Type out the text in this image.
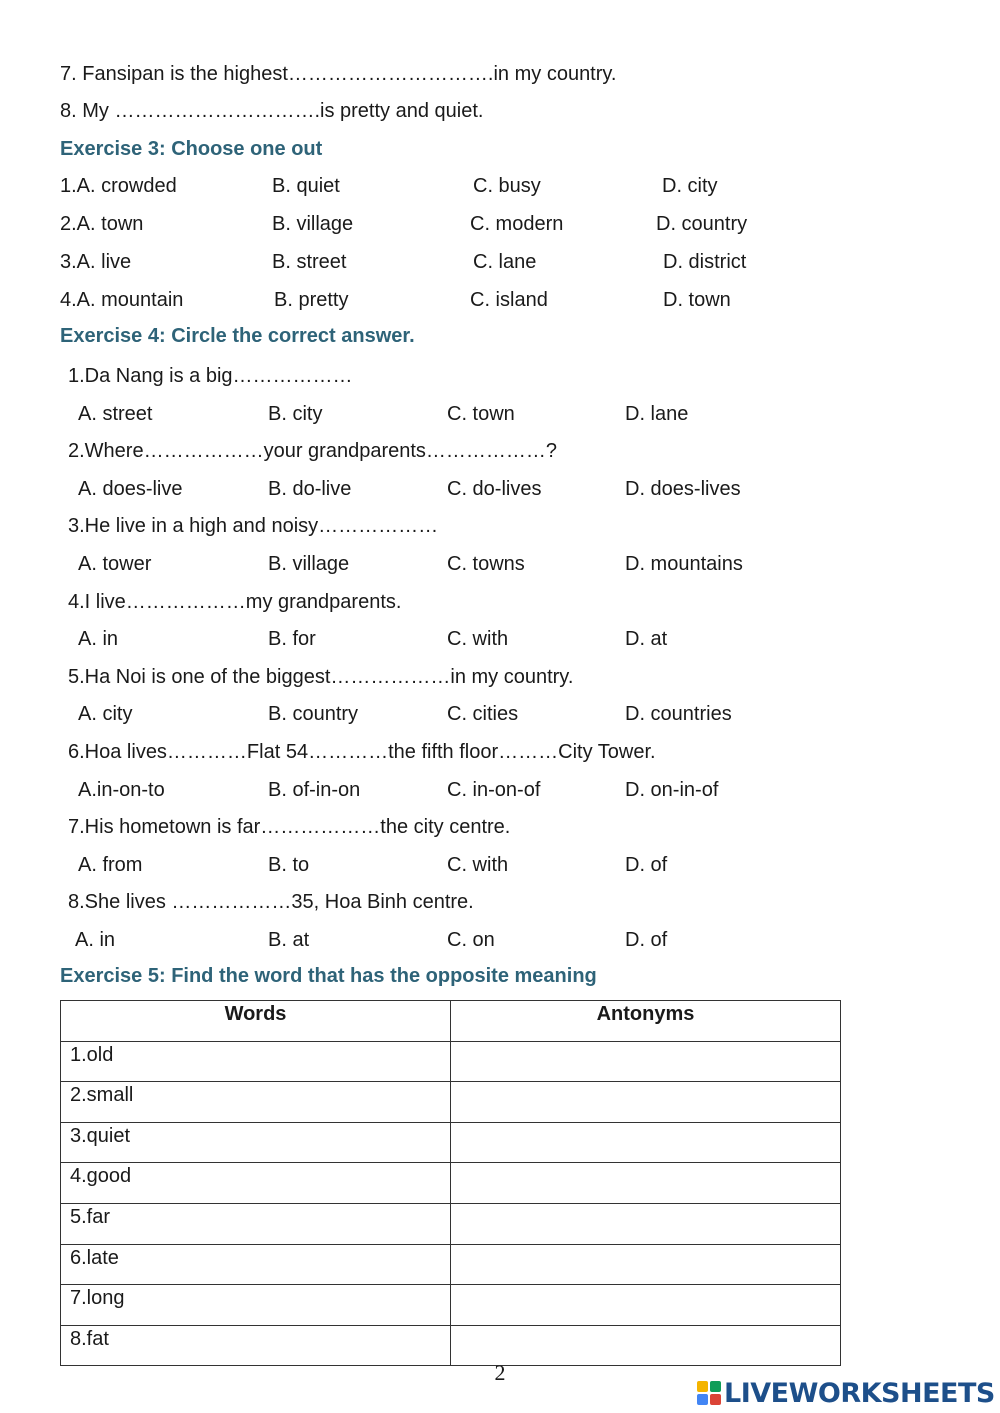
7. Fansipan is the highest………………………….in my country.
8. My ………………………….is pretty and quiet.
Exercise 3: Choose one out
1.A. crowded	B. quiet	C. busy	D. city
2.A. town	B. village	C. modern	D. country
3.A. live	B. street	C. lane	D. district
4.A. mountain	B. pretty	C. island	D. town
Exercise 4: Circle the correct answer.
1.Da Nang is a big………………
A. street	B. city	C. town	D. lane
2.Where………………your grandparents………………?
A. does-live	B. do-live	C. do-lives	D. does-lives
3.He live in a high and noisy………………
A. tower	B. village	C. towns	D. mountains
4.I live………………my grandparents.
A. in	B. for	C. with	D. at
5.Ha Noi is one of the biggest………………in my country.
A. city	B. country	C. cities	D. countries
6.Hoa lives…………Flat 54…………the fifth floor………City Tower.
A.in-on-to	B. of-in-on	C. in-on-of	D. on-in-of
7.His hometown is far………………the city centre.
A. from	B. to	C. with	D. of
8.She lives ………………35, Hoa Binh centre.
A. in	B. at	C. on	D. of
Exercise 5: Find the word that has the opposite meaning
Words	Antonyms
1.old	
2.small	
3.quiet	
4.good	
5.far	
6.late	
7.long	
8.fat	
2
LIVEWORKSHEETS
